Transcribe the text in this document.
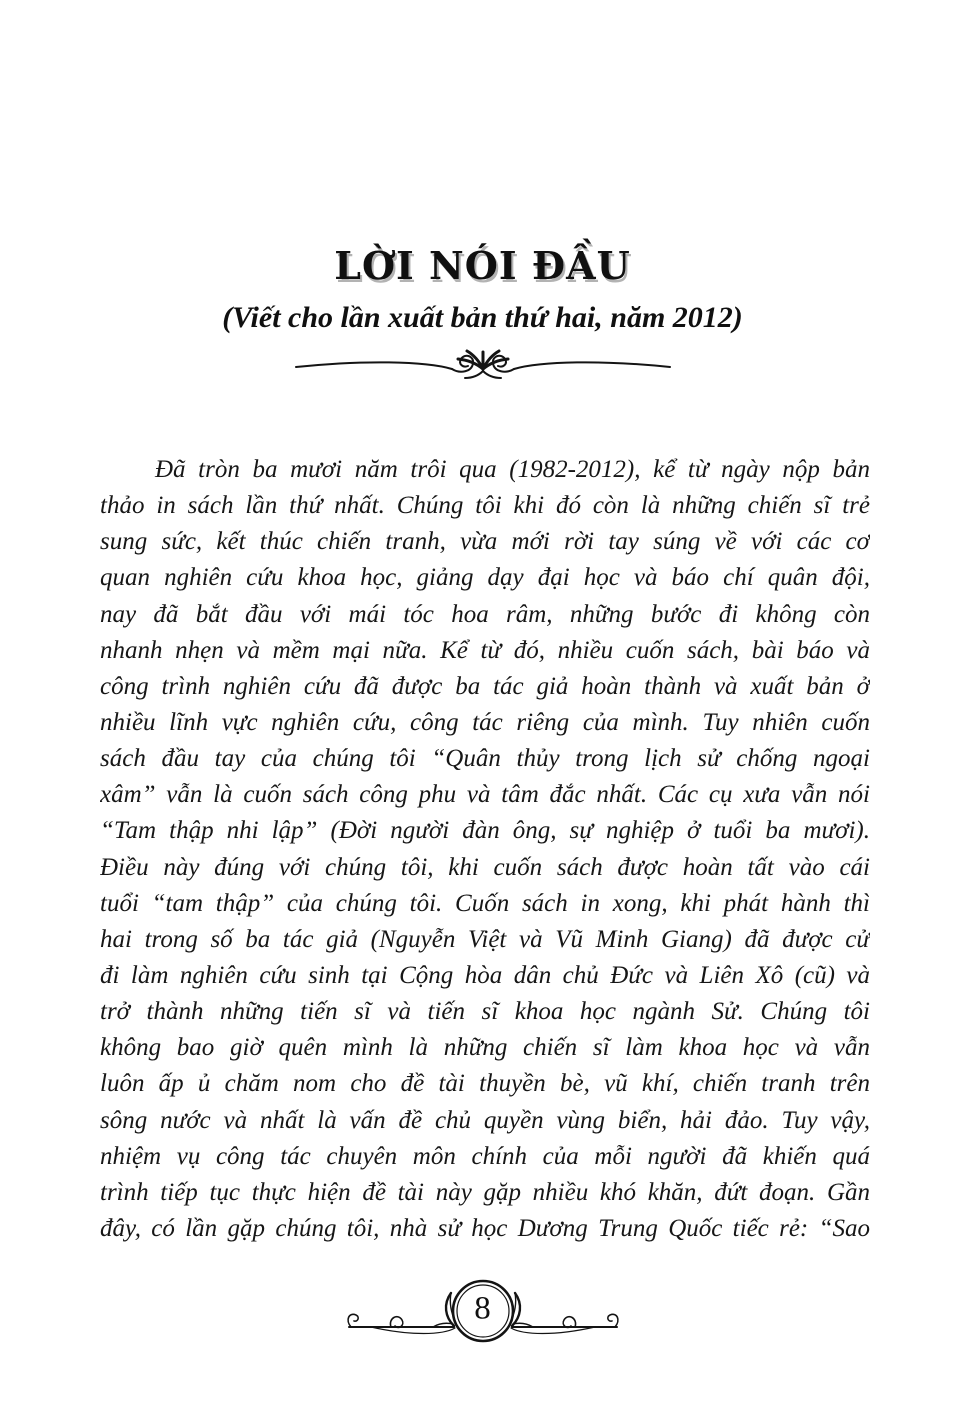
LỜI NÓI ĐẦU
(Viết cho lần xuất bản thứ hai, năm 2012)
Đã tròn ba mươi năm trôi qua (1982-2012), kể từ ngày nộp bản
thảo in sách lần thứ nhất. Chúng tôi khi đó còn là những chiến sĩ trẻ
sung sức, kết thúc chiến tranh, vừa mới rời tay súng về với các cơ
quan nghiên cứu khoa học, giảng dạy đại học và báo chí quân đội,
nay đã bắt đầu với mái tóc hoa râm, những bước đi không còn
nhanh nhẹn và mềm mại nữa. Kể từ đó, nhiều cuốn sách, bài báo và
công trình nghiên cứu đã được ba tác giả hoàn thành và xuất bản ở
nhiều lĩnh vực nghiên cứu, công tác riêng của mình. Tuy nhiên cuốn
sách đầu tay của chúng tôi “Quân thủy trong lịch sử chống ngoại
xâm” vẫn là cuốn sách công phu và tâm đắc nhất. Các cụ xưa vẫn nói
“Tam thập nhi lập” (Đời người đàn ông, sự nghiệp ở tuổi ba mươi).
Điều này đúng với chúng tôi, khi cuốn sách được hoàn tất vào cái
tuổi “tam thập” của chúng tôi. Cuốn sách in xong, khi phát hành thì
hai trong số ba tác giả (Nguyễn Việt và Vũ Minh Giang) đã được cử
đi làm nghiên cứu sinh tại Cộng hòa dân chủ Đức và Liên Xô (cũ) và
trở thành những tiến sĩ và tiến sĩ khoa học ngành Sử. Chúng tôi
không bao giờ quên mình là những chiến sĩ làm khoa học và vẫn
luôn ấp ủ chăm nom cho đề tài thuyền bè, vũ khí, chiến tranh trên
sông nước và nhất là vấn đề chủ quyền vùng biển, hải đảo. Tuy vậy,
nhiệm vụ công tác chuyên môn chính của mỗi người đã khiến quá
trình tiếp tục thực hiện đề tài này gặp nhiều khó khăn, đứt đoạn. Gần
đây, có lần gặp chúng tôi, nhà sử học Dương Trung Quốc tiếc rẻ: “Sao
8
